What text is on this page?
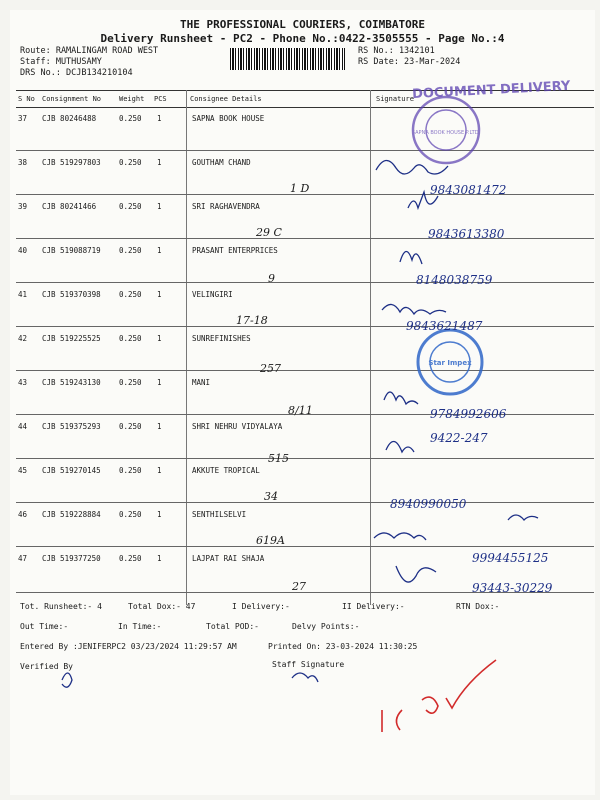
THE PROFESSIONAL COURIERS, COIMBATORE
Delivery Runsheet - PC2 - Phone No.:0422-3505555 - Page No.:4
Route: RAMALINGAM ROAD WEST
Staff: MUTHUSAMY
DRS No.: DCJB134210104
RS No.: 1342101
RS Date: 23-Mar-2024
S No Consignment No	Weight PCS	Consignee Details	Signature
37 CJB 80246488	0.250 1	SAPNA BOOK HOUSE
38 CJB 519297803 0.250 1	GOUTHAM CHAND
39 CJB 80241466	0.250 1	SRI RAGHAVENDRA
40 CJB 519088719 0.250 1	PRASANT ENTERPRICES
41 CJB 519370398 0.250 1	VELINGIRI
42 CJB 519225525 0.250 1	SUNREFINISHES
43 CJB 519243130 0.250 1	MANI
44 CJB 519375293 0.250 1	SHRI NEHRU VIDYALAYA
45 CJB 519270145 0.250 1	AKKUTE TROPICAL
46 CJB 519228884 0.250 1	SENTHILSELVI
47 CJB 519377250 0.250 1	LAJPAT RAI SHAJA
Tot. Runsheet:- 4	Total Dox:- 47	I Delivery:-	II Delivery:-	RTN Dox:-
Out Time:-	In Time:-	Total POD:-	Delvy Points:-
Entered By :JENIFERPC2 03/23/2024 11:29:57 AM	Printed On: 23-03-2024 11:30:25
Verified By	Staff Signature
DOCUMENT DELIVERY
SAPNA BOOK HOUSE P.LTD.
Star Impex
9843081472
9843613380
8148038759
9843621487
9784992606
9422-247
8940990050
9994455125
93443-30229
1 D
29 C
9
17-18
257
8/11
515
34
619A
27
